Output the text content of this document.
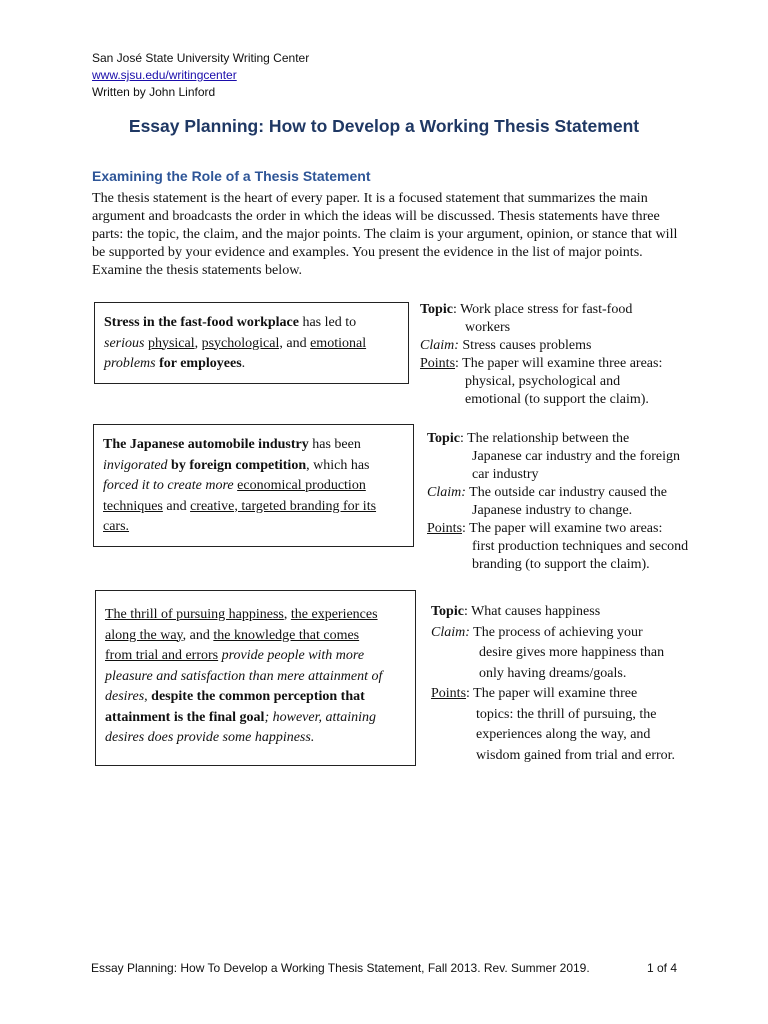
San José State University Writing Center
www.sjsu.edu/writingcenter
Written by John Linford
Essay Planning: How to Develop a Working Thesis Statement
Examining the Role of a Thesis Statement
The thesis statement is the heart of every paper. It is a focused statement that summarizes the main argument and broadcasts the order in which the ideas will be discussed. Thesis statements have three parts: the topic, the claim, and the major points. The claim is your argument, opinion, or stance that will be supported by your evidence and examples. You present the evidence in the list of major points. Examine the thesis statements below.
Stress in the fast-food workplace has led to
serious physical, psychological, and emotional
problems for employees.
Topic: Work place stress for fast-food
workers
Claim: Stress causes problems
Points: The paper will examine three areas:
physical, psychological and
emotional (to support the claim).
The Japanese automobile industry has been
invigorated by foreign competition, which has
forced it to create more economical production
techniques and creative, targeted branding for its
cars.
Topic: The relationship between the
Japanese car industry and the foreign
car industry
Claim: The outside car industry caused the
Japanese industry to change.
Points: The paper will examine two areas:
first production techniques and second
branding (to support the claim).
The thrill of pursuing happiness, the experiences
along the way, and the knowledge that comes
from trial and errors provide people with more
pleasure and satisfaction than mere attainment of
desires, despite the common perception that
attainment is the final goal; however, attaining
desires does provide some happiness.
Topic: What causes happiness
Claim: The process of achieving your
desire gives more happiness than
only having dreams/goals.
Points: The paper will examine three
topics: the thrill of pursuing, the
experiences along the way, and
wisdom gained from trial and error.
Essay Planning: How To Develop a Working Thesis Statement, Fall 2013. Rev. Summer 2019.	1 of 4
